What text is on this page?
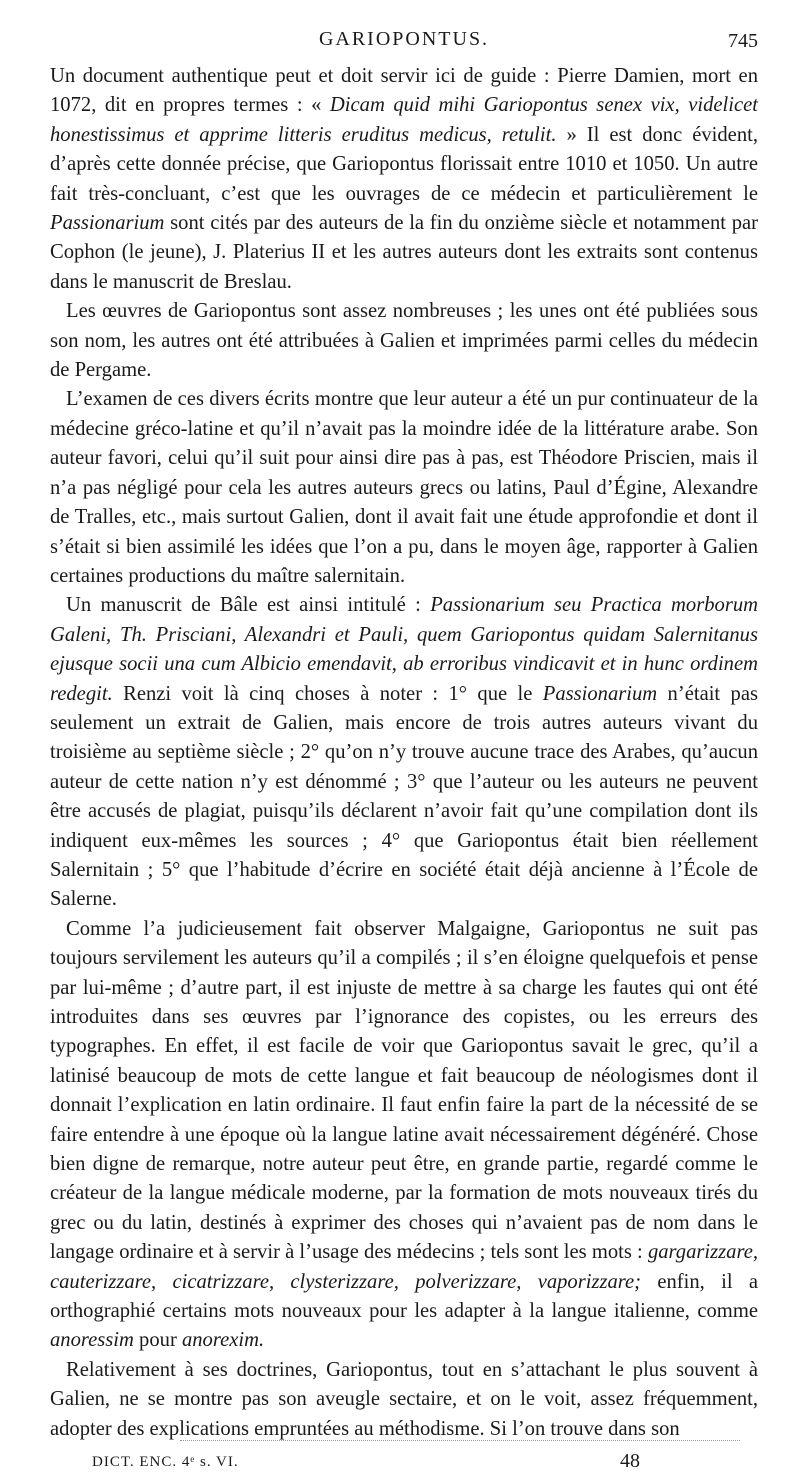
GARIOPONTUS.	745

Un document authentique peut et doit servir ici de guide : Pierre Damien, mort en 1072, dit en propres termes : « Dicam quid mihi Gariopontus senex vix, videlicet honestissimus et apprime litteris eruditus medicus, retulit. » Il est donc évident, d’après cette donnée précise, que Gariopontus florissait entre 1010 et 1050. Un autre fait très-concluant, c’est que les ouvrages de ce médecin et particulièrement le Passionarium sont cités par des auteurs de la fin du onzième siècle et notamment par Cophon (le jeune), J. Platerius II et les autres auteurs dont les extraits sont contenus dans le manuscrit de Breslau.

Les œuvres de Gariopontus sont assez nombreuses ; les unes ont été publiées sous son nom, les autres ont été attribuées à Galien et imprimées parmi celles du médecin de Pergame.

L’examen de ces divers écrits montre que leur auteur a été un pur continuateur de la médecine gréco-latine et qu’il n’avait pas la moindre idée de la littérature arabe. Son auteur favori, celui qu’il suit pour ainsi dire pas à pas, est Théodore Priscien, mais il n’a pas négligé pour cela les autres auteurs grecs ou latins, Paul d’Égine, Alexandre de Tralles, etc., mais surtout Galien, dont il avait fait une étude approfondie et dont il s’était si bien assimilé les idées que l’on a pu, dans le moyen âge, rapporter à Galien certaines productions du maître salernitain.

Un manuscrit de Bâle est ainsi intitulé : Passionarium seu Practica morborum Galeni, Th. Prisciani, Alexandri et Pauli, quem Gariopontus quidam Salernitanus ejusque socii una cum Albicio emendavit, ab erroribus vindicavit et in hunc ordinem redegit. Renzi voit là cinq choses à noter : 1° que le Passionarium n’était pas seulement un extrait de Galien, mais encore de trois autres auteurs vivant du troisième au septième siècle ; 2° qu’on n’y trouve aucune trace des Arabes, qu’aucun auteur de cette nation n’y est dénommé ; 3° que l’auteur ou les auteurs ne peuvent être accusés de plagiat, puisqu’ils déclarent n’avoir fait qu’une compilation dont ils indiquent eux-mêmes les sources ; 4° que Gariopontus était bien réellement Salernitain ; 5° que l’habitude d’écrire en société était déjà ancienne à l’École de Salerne.

Comme l’a judicieusement fait observer Malgaigne, Gariopontus ne suit pas toujours servilement les auteurs qu’il a compilés ; il s’en éloigne quelquefois et pense par lui-même ; d’autre part, il est injuste de mettre à sa charge les fautes qui ont été introduites dans ses œuvres par l’ignorance des copistes, ou les erreurs des typographes. En effet, il est facile de voir que Gariopontus savait le grec, qu’il a latinisé beaucoup de mots de cette langue et fait beaucoup de néologismes dont il donnait l’explication en latin ordinaire. Il faut enfin faire la part de la nécessité de se faire entendre à une époque où la langue latine avait nécessairement dégénéré. Chose bien digne de remarque, notre auteur peut être, en grande partie, regardé comme le créateur de la langue médicale moderne, par la formation de mots nouveaux tirés du grec ou du latin, destinés à exprimer des choses qui n’avaient pas de nom dans le langage ordinaire et à servir à l’usage des médecins ; tels sont les mots : gargarizzare, cauterizzare, cicatrizzare, clysterizzare, polverizzare, vaporizzare; enfin, il a orthographié certains mots nouveaux pour les adapter à la langue italienne, comme anoressim pour anorexim.

Relativement à ses doctrines, Gariopontus, tout en s’attachant le plus souvent à Galien, ne se montre pas son aveugle sectaire, et on le voit, assez fréquemment, adopter des explications empruntées au méthodisme. Si l’on trouve dans son

DICT. ENC. 4ᵉ s. VI.	48
